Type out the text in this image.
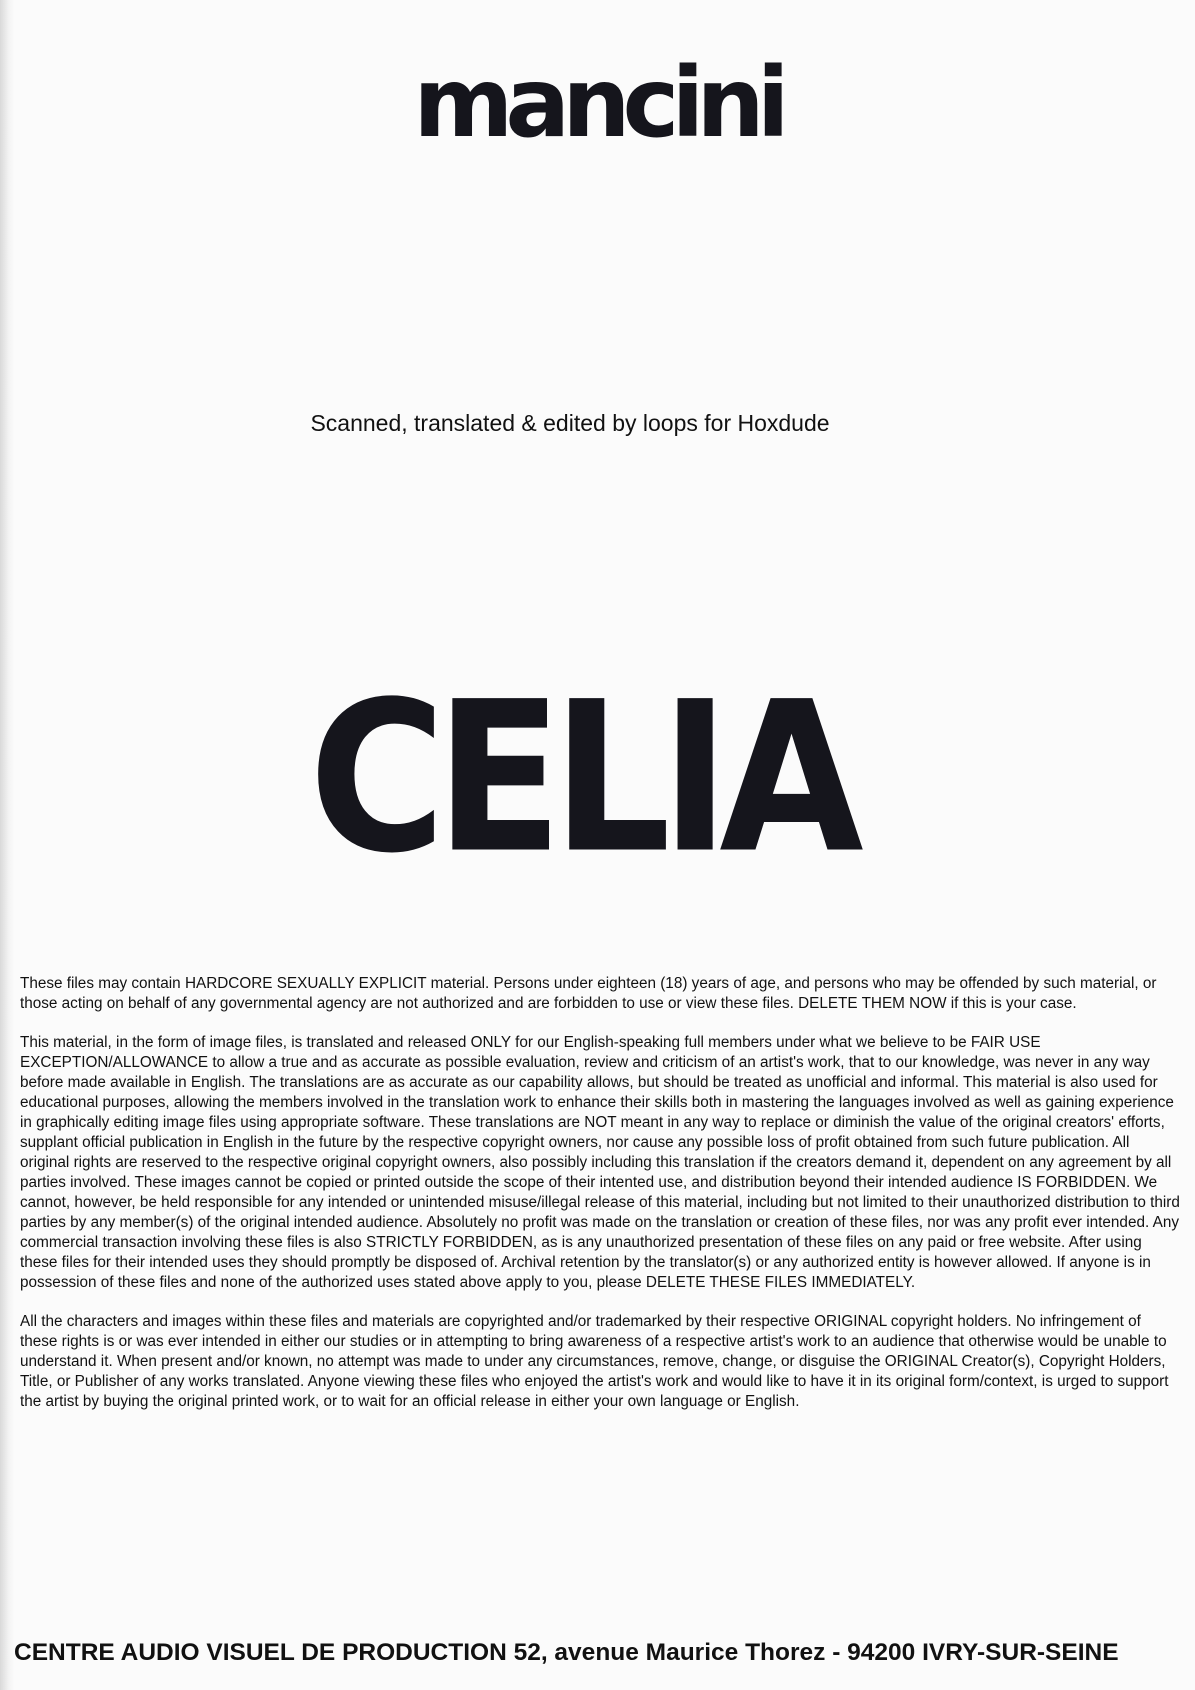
mancini
Scanned, translated & edited by loops for Hoxdude
CELIA

These files may contain HARDCORE SEXUALLY EXPLICIT material. Persons under eighteen (18) years of age, and persons who may be offended by such material, or those acting on behalf of any governmental agency are not authorized and are forbidden to use or view these files. DELETE THEM NOW if this is your case.

This material, in the form of image files, is translated and released ONLY for our English-speaking full members under what we believe to be FAIR USE EXCEPTION/ALLOWANCE to allow a true and as accurate as possible evaluation, review and criticism of an artist's work, that to our knowledge, was never in any way before made available in English. The translations are as accurate as our capability allows, but should be treated as unofficial and informal. This material is also used for educational purposes, allowing the members involved in the translation work to enhance their skills both in mastering the languages involved as well as gaining experience in graphically editing image files using appropriate software. These translations are NOT meant in any way to replace or diminish the value of the original creators' efforts, supplant official publication in English in the future by the respective copyright owners, nor cause any possible loss of profit obtained from such future publication. All original rights are reserved to the respective original copyright owners, also possibly including this translation if the creators demand it, dependent on any agreement by all parties involved. These images cannot be copied or printed outside the scope of their intented use, and distribution beyond their intended audience IS FORBIDDEN. We cannot, however, be held responsible for any intended or unintended misuse/illegal release of this material, including but not limited to their unauthorized distribution to third parties by any member(s) of the original intended audience. Absolutely no profit was made on the translation or creation of these files, nor was any profit ever intended. Any commercial transaction involving these files is also STRICTLY FORBIDDEN, as is any unauthorized presentation of these files on any paid or free website. After using these files for their intended uses they should promptly be disposed of. Archival retention by the translator(s) or any authorized entity is however allowed. If anyone is in possession of these files and none of the authorized uses stated above apply to you, please DELETE THESE FILES IMMEDIATELY.

All the characters and images within these files and materials are copyrighted and/or trademarked by their respective ORIGINAL copyright holders. No infringement of these rights is or was ever intended in either our studies or in attempting to bring awareness of a respective artist's work to an audience that otherwise would be unable to understand it. When present and/or known, no attempt was made to under any circumstances, remove, change, or disguise the ORIGINAL Creator(s), Copyright Holders, Title, or Publisher of any works translated. Anyone viewing these files who enjoyed the artist's work and would like to have it in its original form/context, is urged to support the artist by buying the original printed work, or to wait for an official release in either your own language or English.

CENTRE AUDIO VISUEL DE PRODUCTION 52, avenue Maurice Thorez - 94200 IVRY-SUR-SEINE
